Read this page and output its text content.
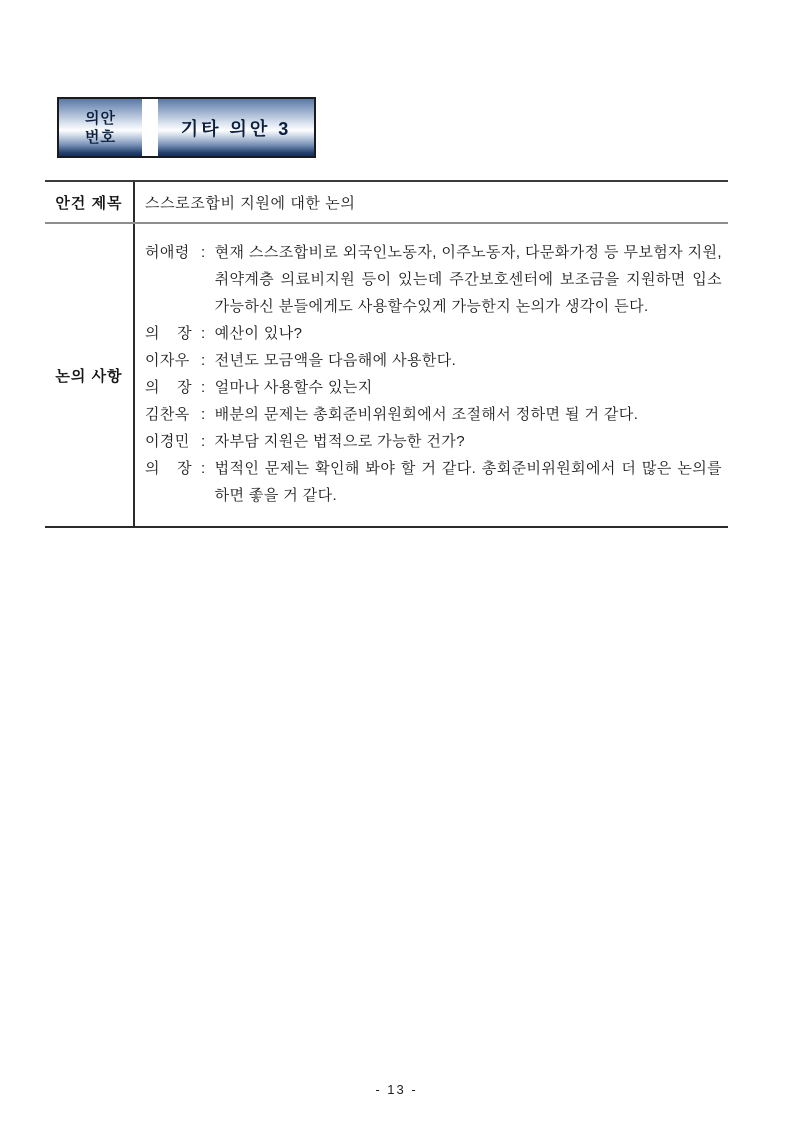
의안
번호	기타 의안 3
안건 제목	스스로조합비 지원에 대한 논의
논의 사항
허애령 : 현재 스스조합비로 외국인노동자, 이주노동자, 다문화가정 등 무보험자 지원, 취약계층 의료비지원 등이 있는데 주간보호센터에 보조금을 지원하면 입소가능하신 분들에게도 사용할수있게 가능한지 논의가 생각이 든다.
의 장 : 예산이 있나?
이자우 : 전년도 모금액을 다음해에 사용한다.
의 장 : 얼마나 사용할수 있는지
김찬옥 : 배분의 문제는 총회준비위원회에서 조절해서 정하면 될 거 같다.
이경민 : 자부담 지원은 법적으로 가능한 건가?
의 장 : 법적인 문제는 확인해 봐야 할 거 같다. 총회준비위원회에서 더 많은 논의를 하면 좋을 거 같다.
- 13 -
